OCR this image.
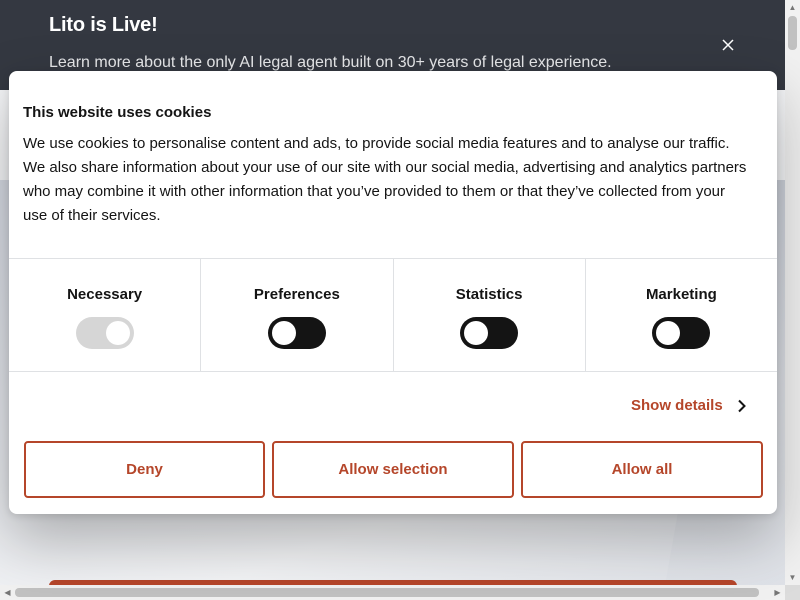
Lito is Live!
Learn more about the only AI legal agent built on 30+ years of legal experience.
▲
▼
◀	▶
This website uses cookies
We use cookies to personalise content and ads, to provide social media features and to analyse our traffic. We also share information about your use of our site with our social media, advertising and analytics partners who may combine it with other information that you’ve provided to them or that they’ve collected from your use of their services.
Necessary	Preferences	Statistics	Marketing
Show details
Deny	Allow selection	Allow all
